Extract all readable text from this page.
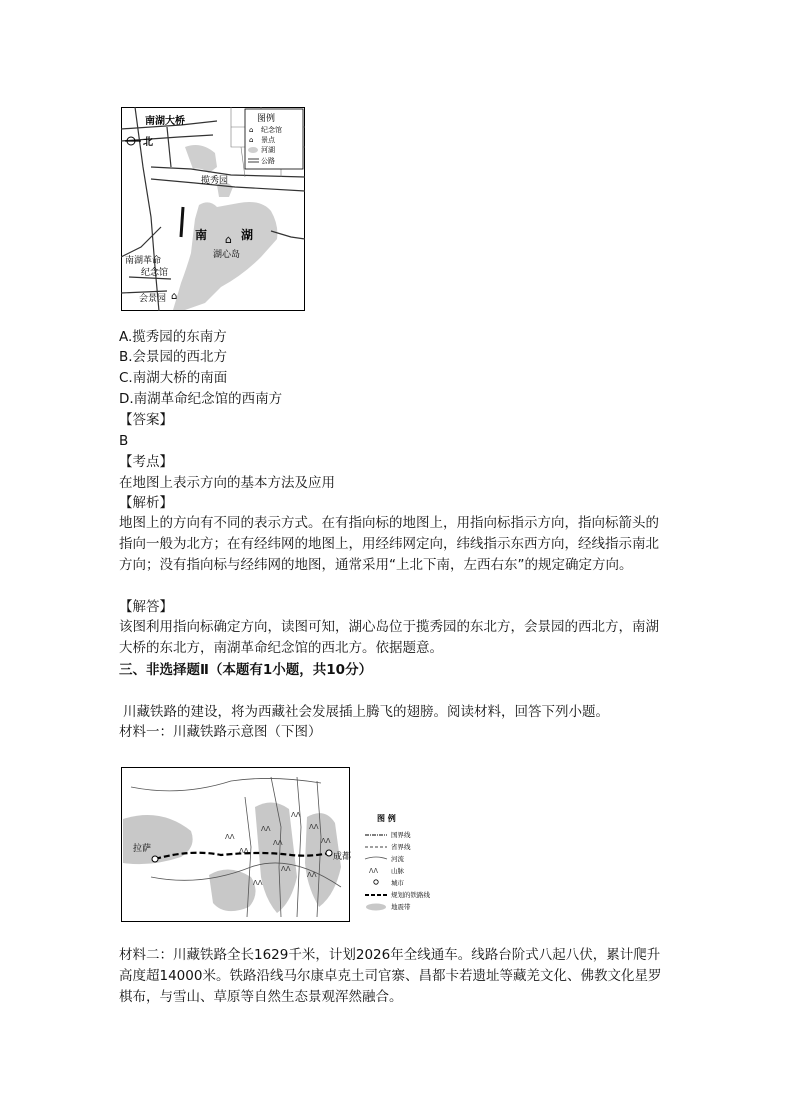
图例
⌂ 纪念馆
⌂ 景点
河湖
公路
南湖大桥
北
揽秀园
南	湖
⌂
湖心岛
南湖革命
纪念馆
会景园 ⌂
A.揽秀园的东南方
B.会景园的西北方
C.南湖大桥的南面
D.南湖革命纪念馆的西南方
【答案】
B
【考点】
在地图上表示方向的基本方法及应用
【解析】
地图上的方向有不同的表示方式。在有指向标的地图上，用指向标指示方向，指向标箭头的指向一般为北方；在有经纬网的地图上，用经纬网定向，纬线指示东西方向，经线指示南北方向；没有指向标与经纬网的地图，通常采用“上北下南，左西右东”的规定确定方向。
【解答】
该图利用指向标确定方向，读图可知，湖心岛位于揽秀园的东北方，会景园的西北方，南湖大桥的东北方，南湖革命纪念馆的西北方。依据题意。
三、非选择题Ⅱ（本题有1小题，共10分）
川藏铁路的建设，将为西藏社会发展插上腾飞的翅膀。阅读材料，回答下列小题。
材料一：川藏铁路示意图（下图）
ᐱᐱ
ᐱᐱ
ᐱᐱ
ᐱᐱ
ᐱᐱ
ᐱᐱ
ᐱᐱ
ᐱᐱ
ᐱᐱ
ᐱᐱ
拉萨
成都
图 例
国界线
省界线
河流
ᐱᐱ 山脉
城市
规划的铁路线
地震带
材料二：川藏铁路全长1629千米，计划2026年全线通车。线路台阶式八起八伏，累计爬升高度超14000米。铁路沿线马尔康卓克土司官寨、昌都卡若遗址等藏羌文化、佛教文化星罗棋布，与雪山、草原等自然生态景观浑然融合。
